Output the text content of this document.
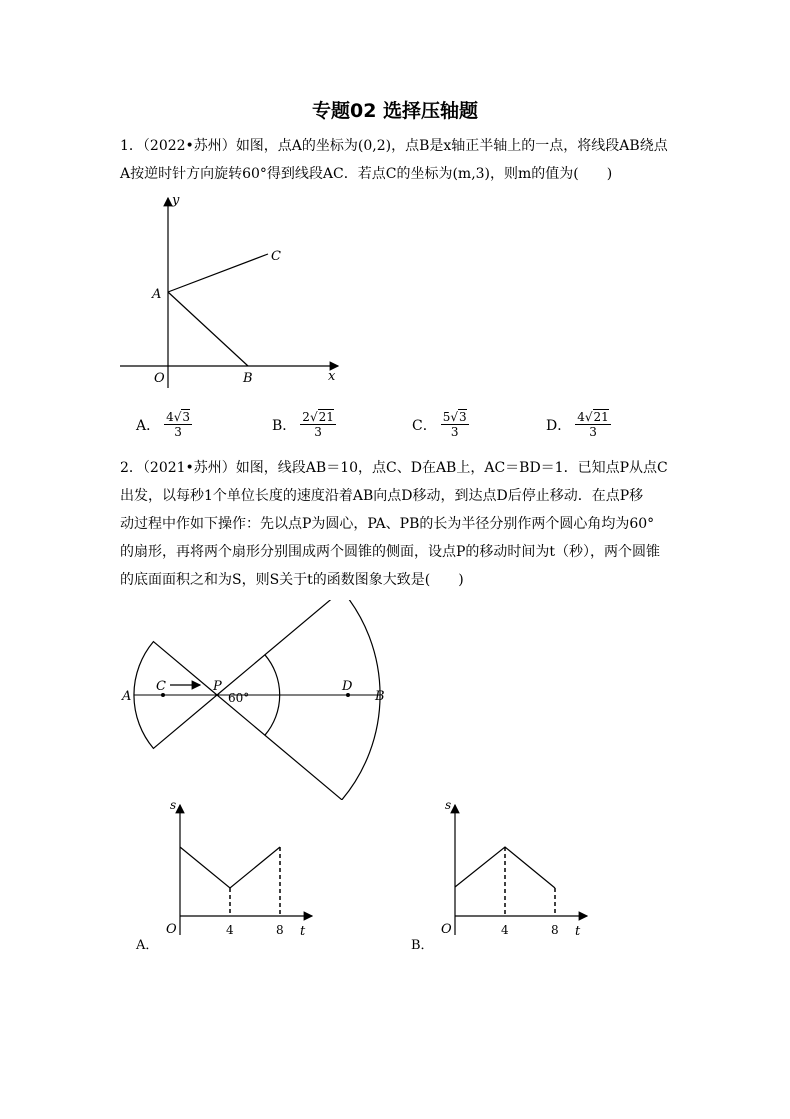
专题02 选择压轴题
1．（2022•苏州）如图，点A的坐标为(0,2)，点B是x轴正半轴上的一点，将线段AB绕点
A按逆时针方向旋转60°得到线段AC．若点C的坐标为(m,3)，则m的值为(　　)
y
x
O
A
B
C
A． $\frac{4√3}{3}$	B． $\frac{2√21}{3}$	C． $\frac{5√3}{3}$	D． $\frac{4√21}{3}$
2．（2021•苏州）如图，线段AB＝10，点C、D在AB上，AC＝BD＝1．已知点P从点C
出发，以每秒1个单位长度的速度沿着AB向点D移动，到达点D后停止移动．在点P移
动过程中作如下操作：先以点P为圆心，PA、PB的长为半径分别作两个圆心角均为60°
的扇形，再将两个扇形分别围成两个圆锥的侧面，设点P的移动时间为t（秒），两个圆锥
的底面面积之和为S，则S关于t的函数图象大致是(　　)
A
C	P
60°
D
B
s
t
O	4	8
A．
s
t
O	4	8
B．
